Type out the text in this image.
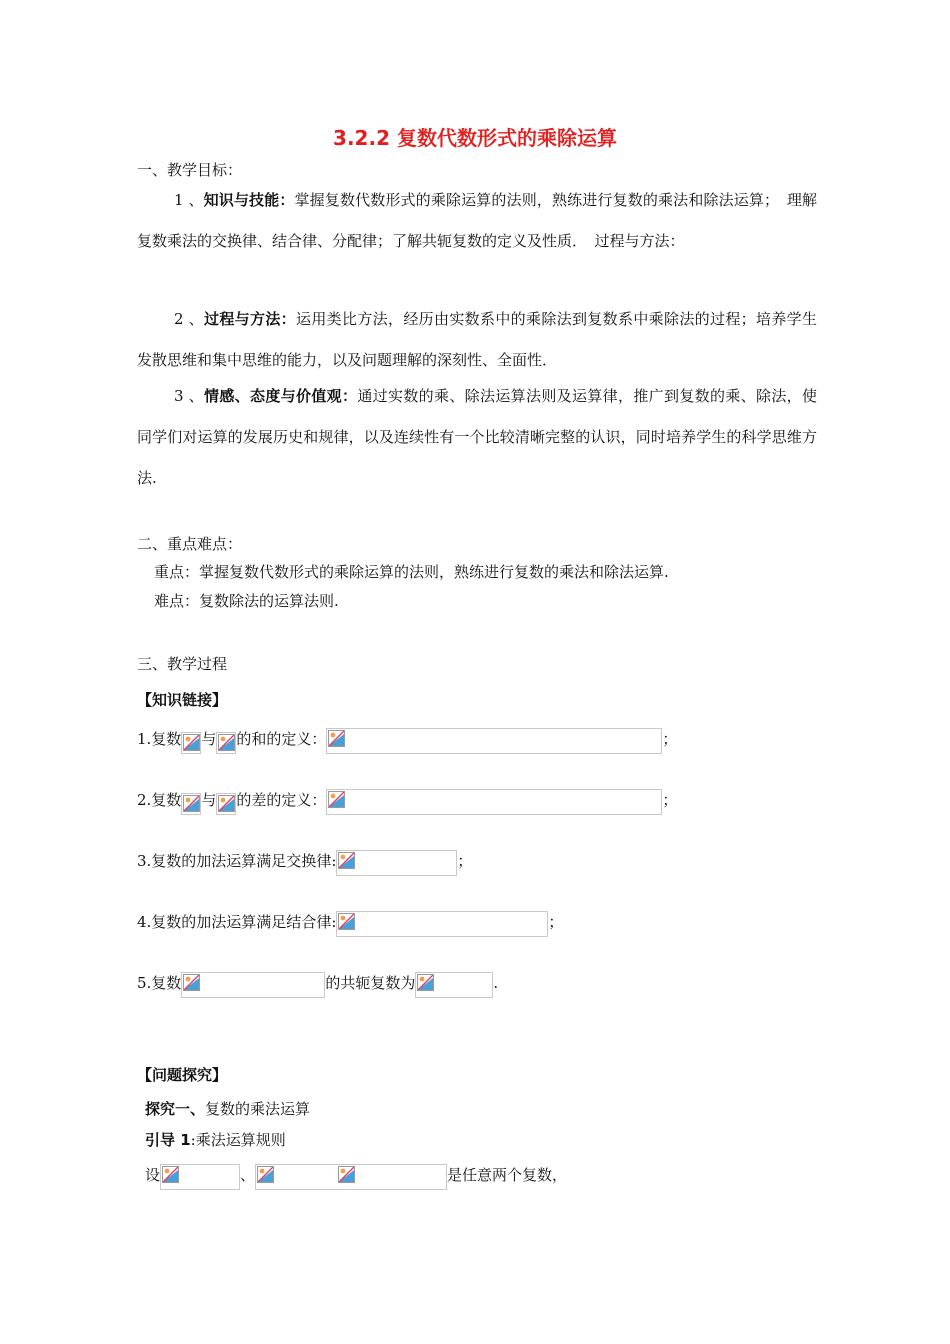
3.2.2 复数代数形式的乘除运算
一、教学目标：
1 、知识与技能：掌握复数代数形式的乘除运算的法则，熟练进行复数的乘法和除法运算；　理解复数乘法的交换律、结合律、分配律；了解共轭复数的定义及性质．　过程与方法：
2 、过程与方法：运用类比方法，经历由实数系中的乘除法到复数系中乘除法的过程；培养学生发散思维和集中思维的能力，以及问题理解的深刻性、全面性．
3 、情感、态度与价值观：通过实数的乘、除法运算法则及运算律，推广到复数的乘、除法，使同学们对运算的发展历史和规律，以及连续性有一个比较清晰完整的认识，同时培养学生的科学思维方法.
二、重点难点：
重点：掌握复数代数形式的乘除运算的法则，熟练进行复数的乘法和除法运算.
难点：复数除法的运算法则.
三、教学过程
【知识链接】
1.复数 与 的和的定义：	；
2.复数 与 的差的定义：	；
3.复数的加法运算满足交换律:	；
4.复数的加法运算满足结合律:	；
5.复数	的共轭复数为	.
【问题探究】
探究一、复数的乘法运算
引导 1:乘法运算规则
设	、	是任意两个复数，
